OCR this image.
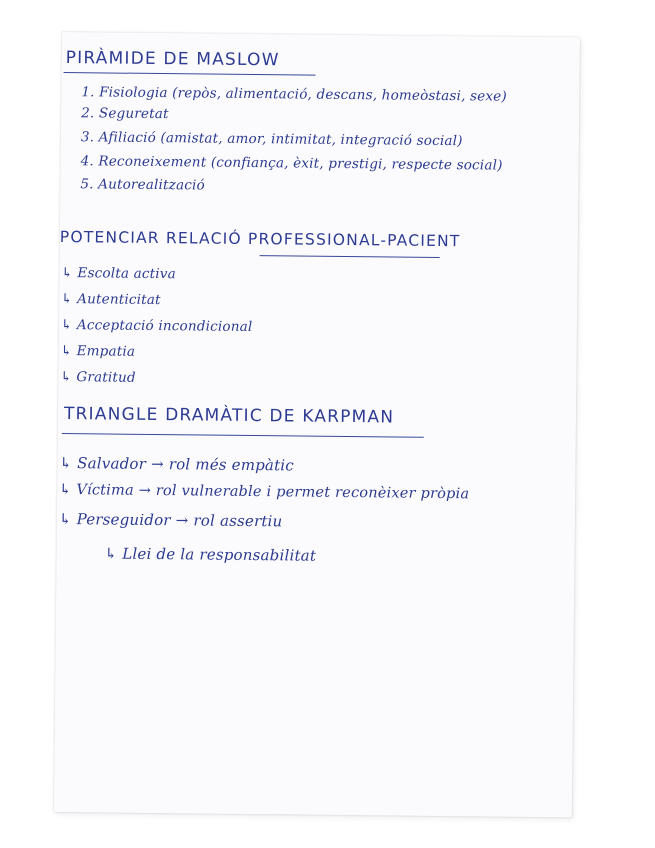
PIRÀMIDE DE MASLOW
1. Fisiologia (repòs, alimentació, descans, homeòstasi, sexe)
2. Seguretat
3. Afiliació (amistat, amor, intimitat, integració social)
4. Reconeixement (confiança, èxit, prestigi, respecte social)
5. Autorealització
POTENCIAR RELACIÓ PROFESSIONAL-PACIENT
↳ Escolta activa
↳ Autenticitat
↳ Acceptació incondicional
↳ Empatia
↳ Gratitud
TRIANGLE DRAMÀTIC DE KARPMAN
↳ Salvador → rol més empàtic
↳ Víctima → rol vulnerable i permet reconèixer pròpia
↳ Perseguidor → rol assertiu
↳ Llei de la responsabilitat
